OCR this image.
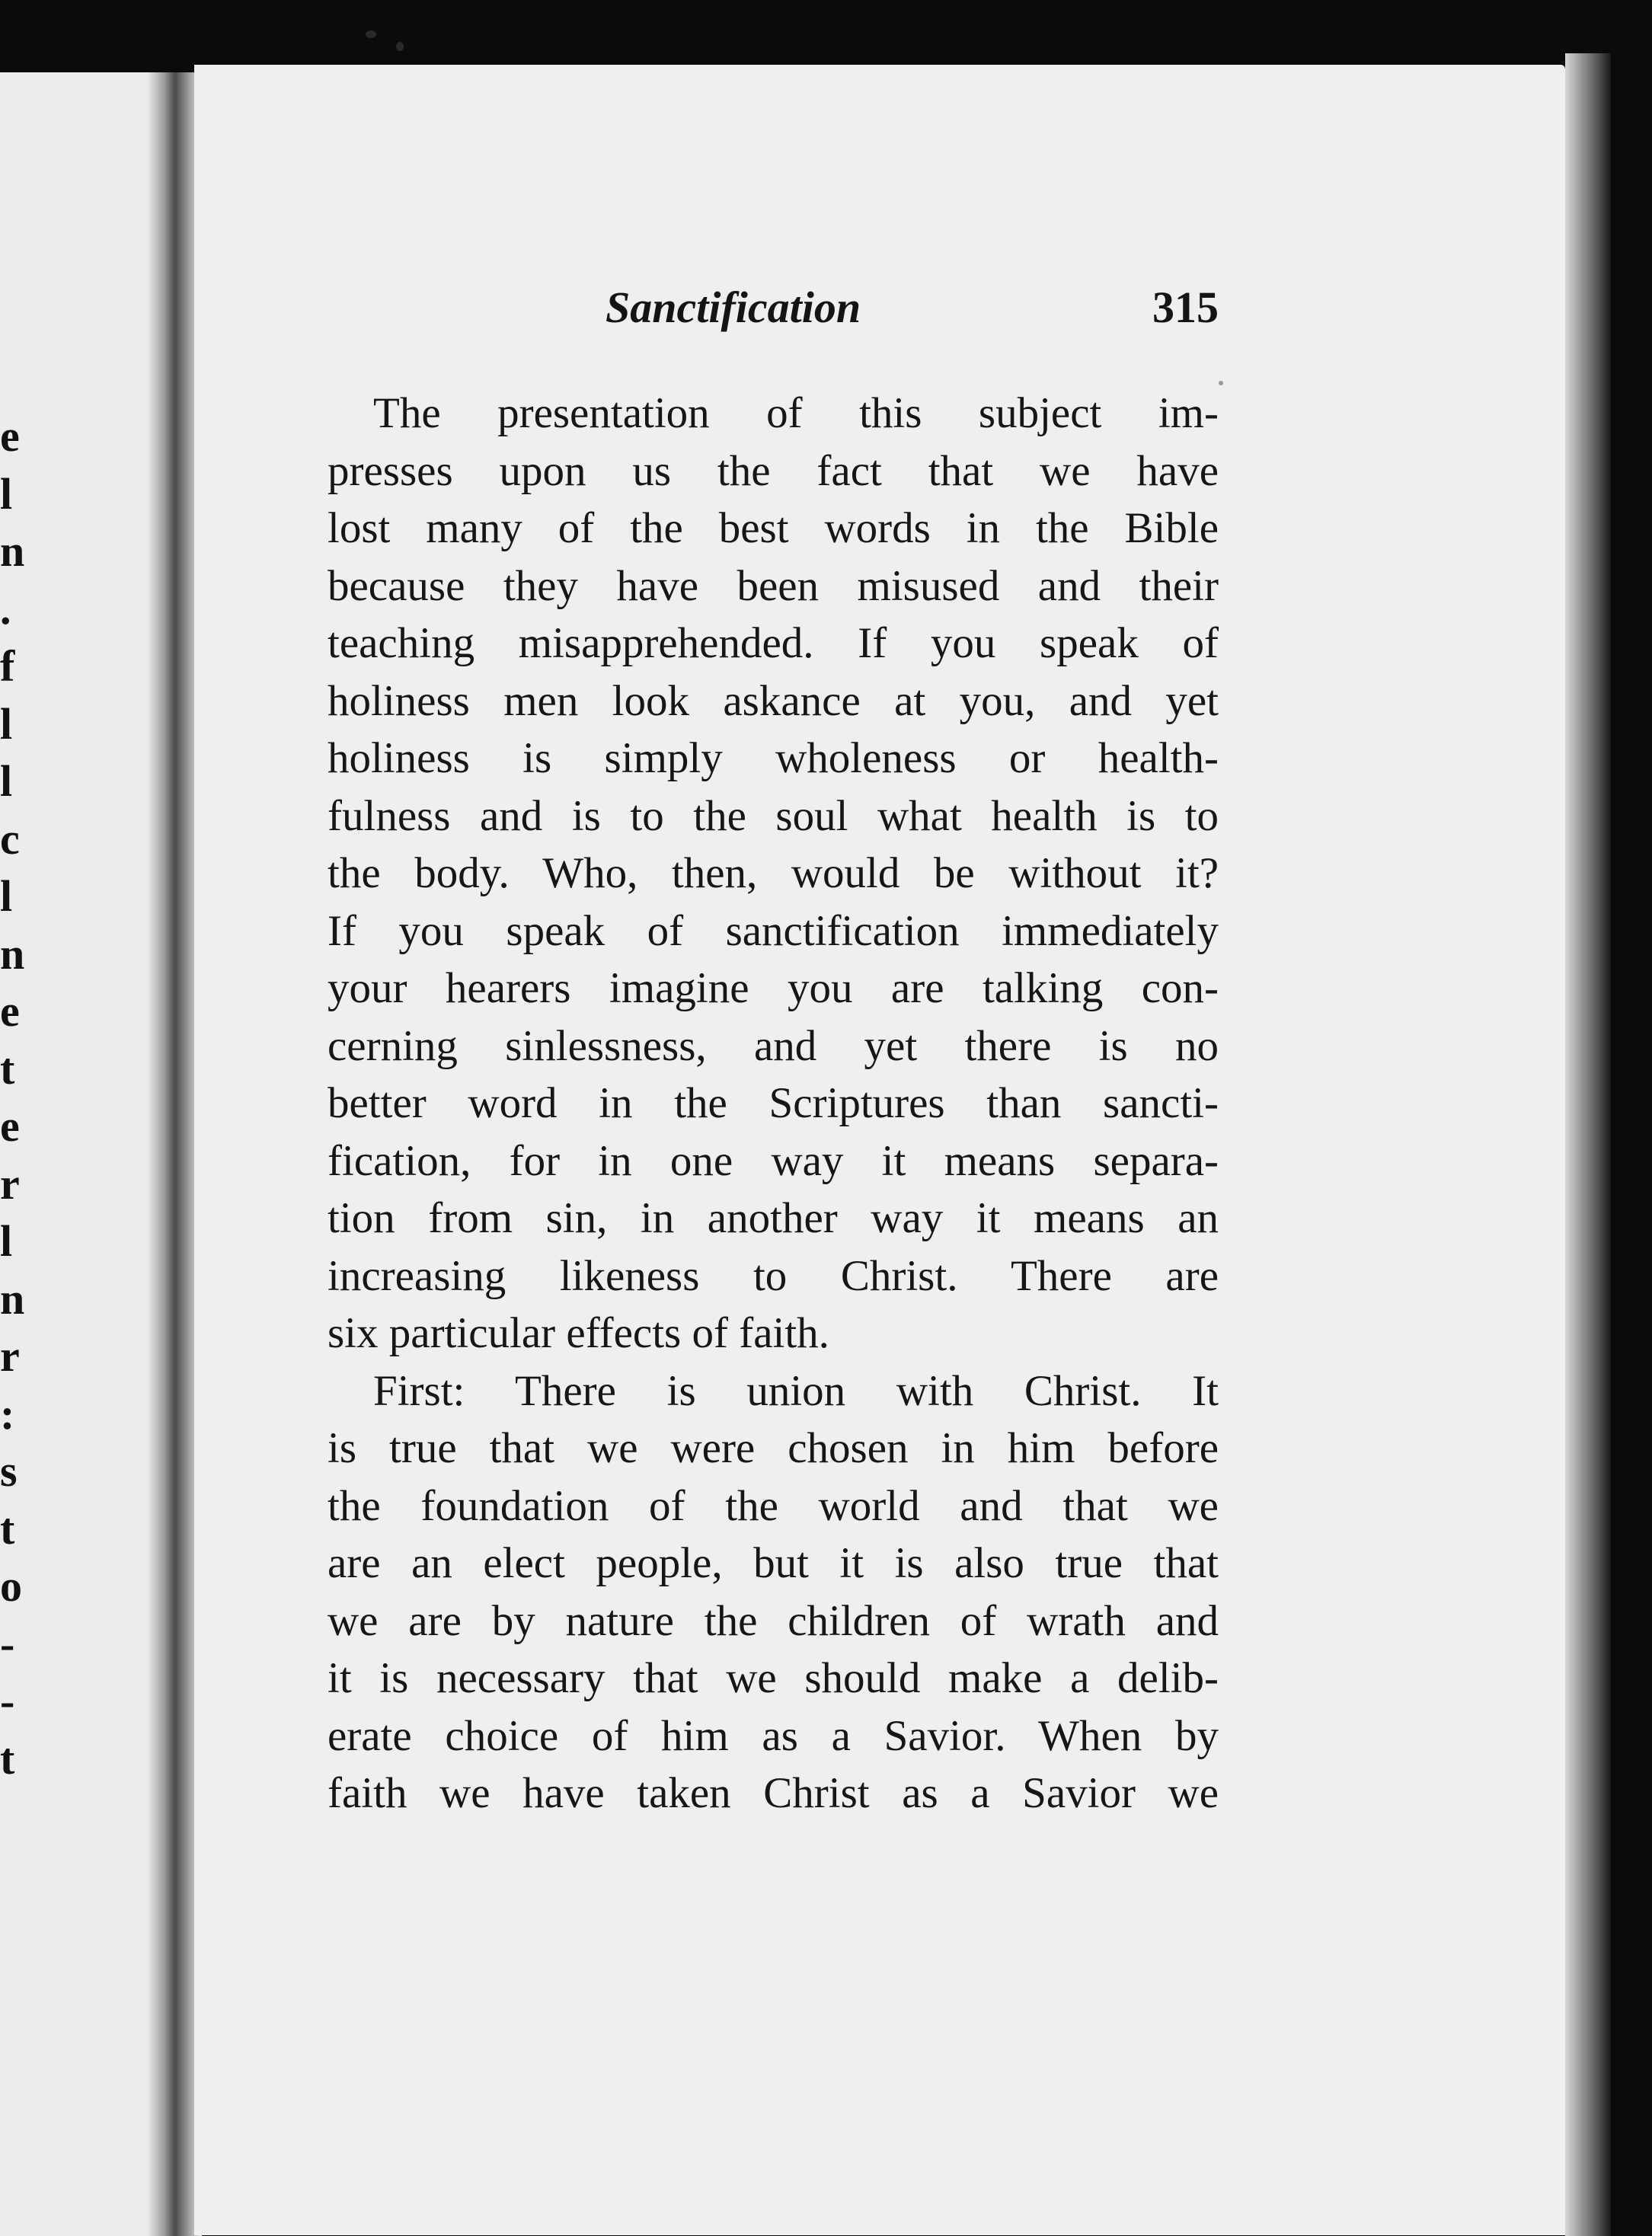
e
l
n
.
f
l
l
c
l
n
e
t
e
r
l
n
r
:
s
t
o
-
-
t
Sanctification	315
The presentation of this subject im-
presses upon us the fact that we have
lost many of the best words in the Bible
because they have been misused and their
teaching misapprehended. If you speak of
holiness men look askance at you, and yet
holiness is simply wholeness or health-
fulness and is to the soul what health is to
the body. Who, then, would be without it?
If you speak of sanctification immediately
your hearers imagine you are talking con-
cerning sinlessness, and yet there is no
better word in the Scriptures than sancti-
fication, for in one way it means separa-
tion from sin, in another way it means an
increasing likeness to Christ. There are
six particular effects of faith.
First: There is union with Christ. It
is true that we were chosen in him before
the foundation of the world and that we
are an elect people, but it is also true that
we are by nature the children of wrath and
it is necessary that we should make a delib-
erate choice of him as a Savior. When by
faith we have taken Christ as a Savior we
